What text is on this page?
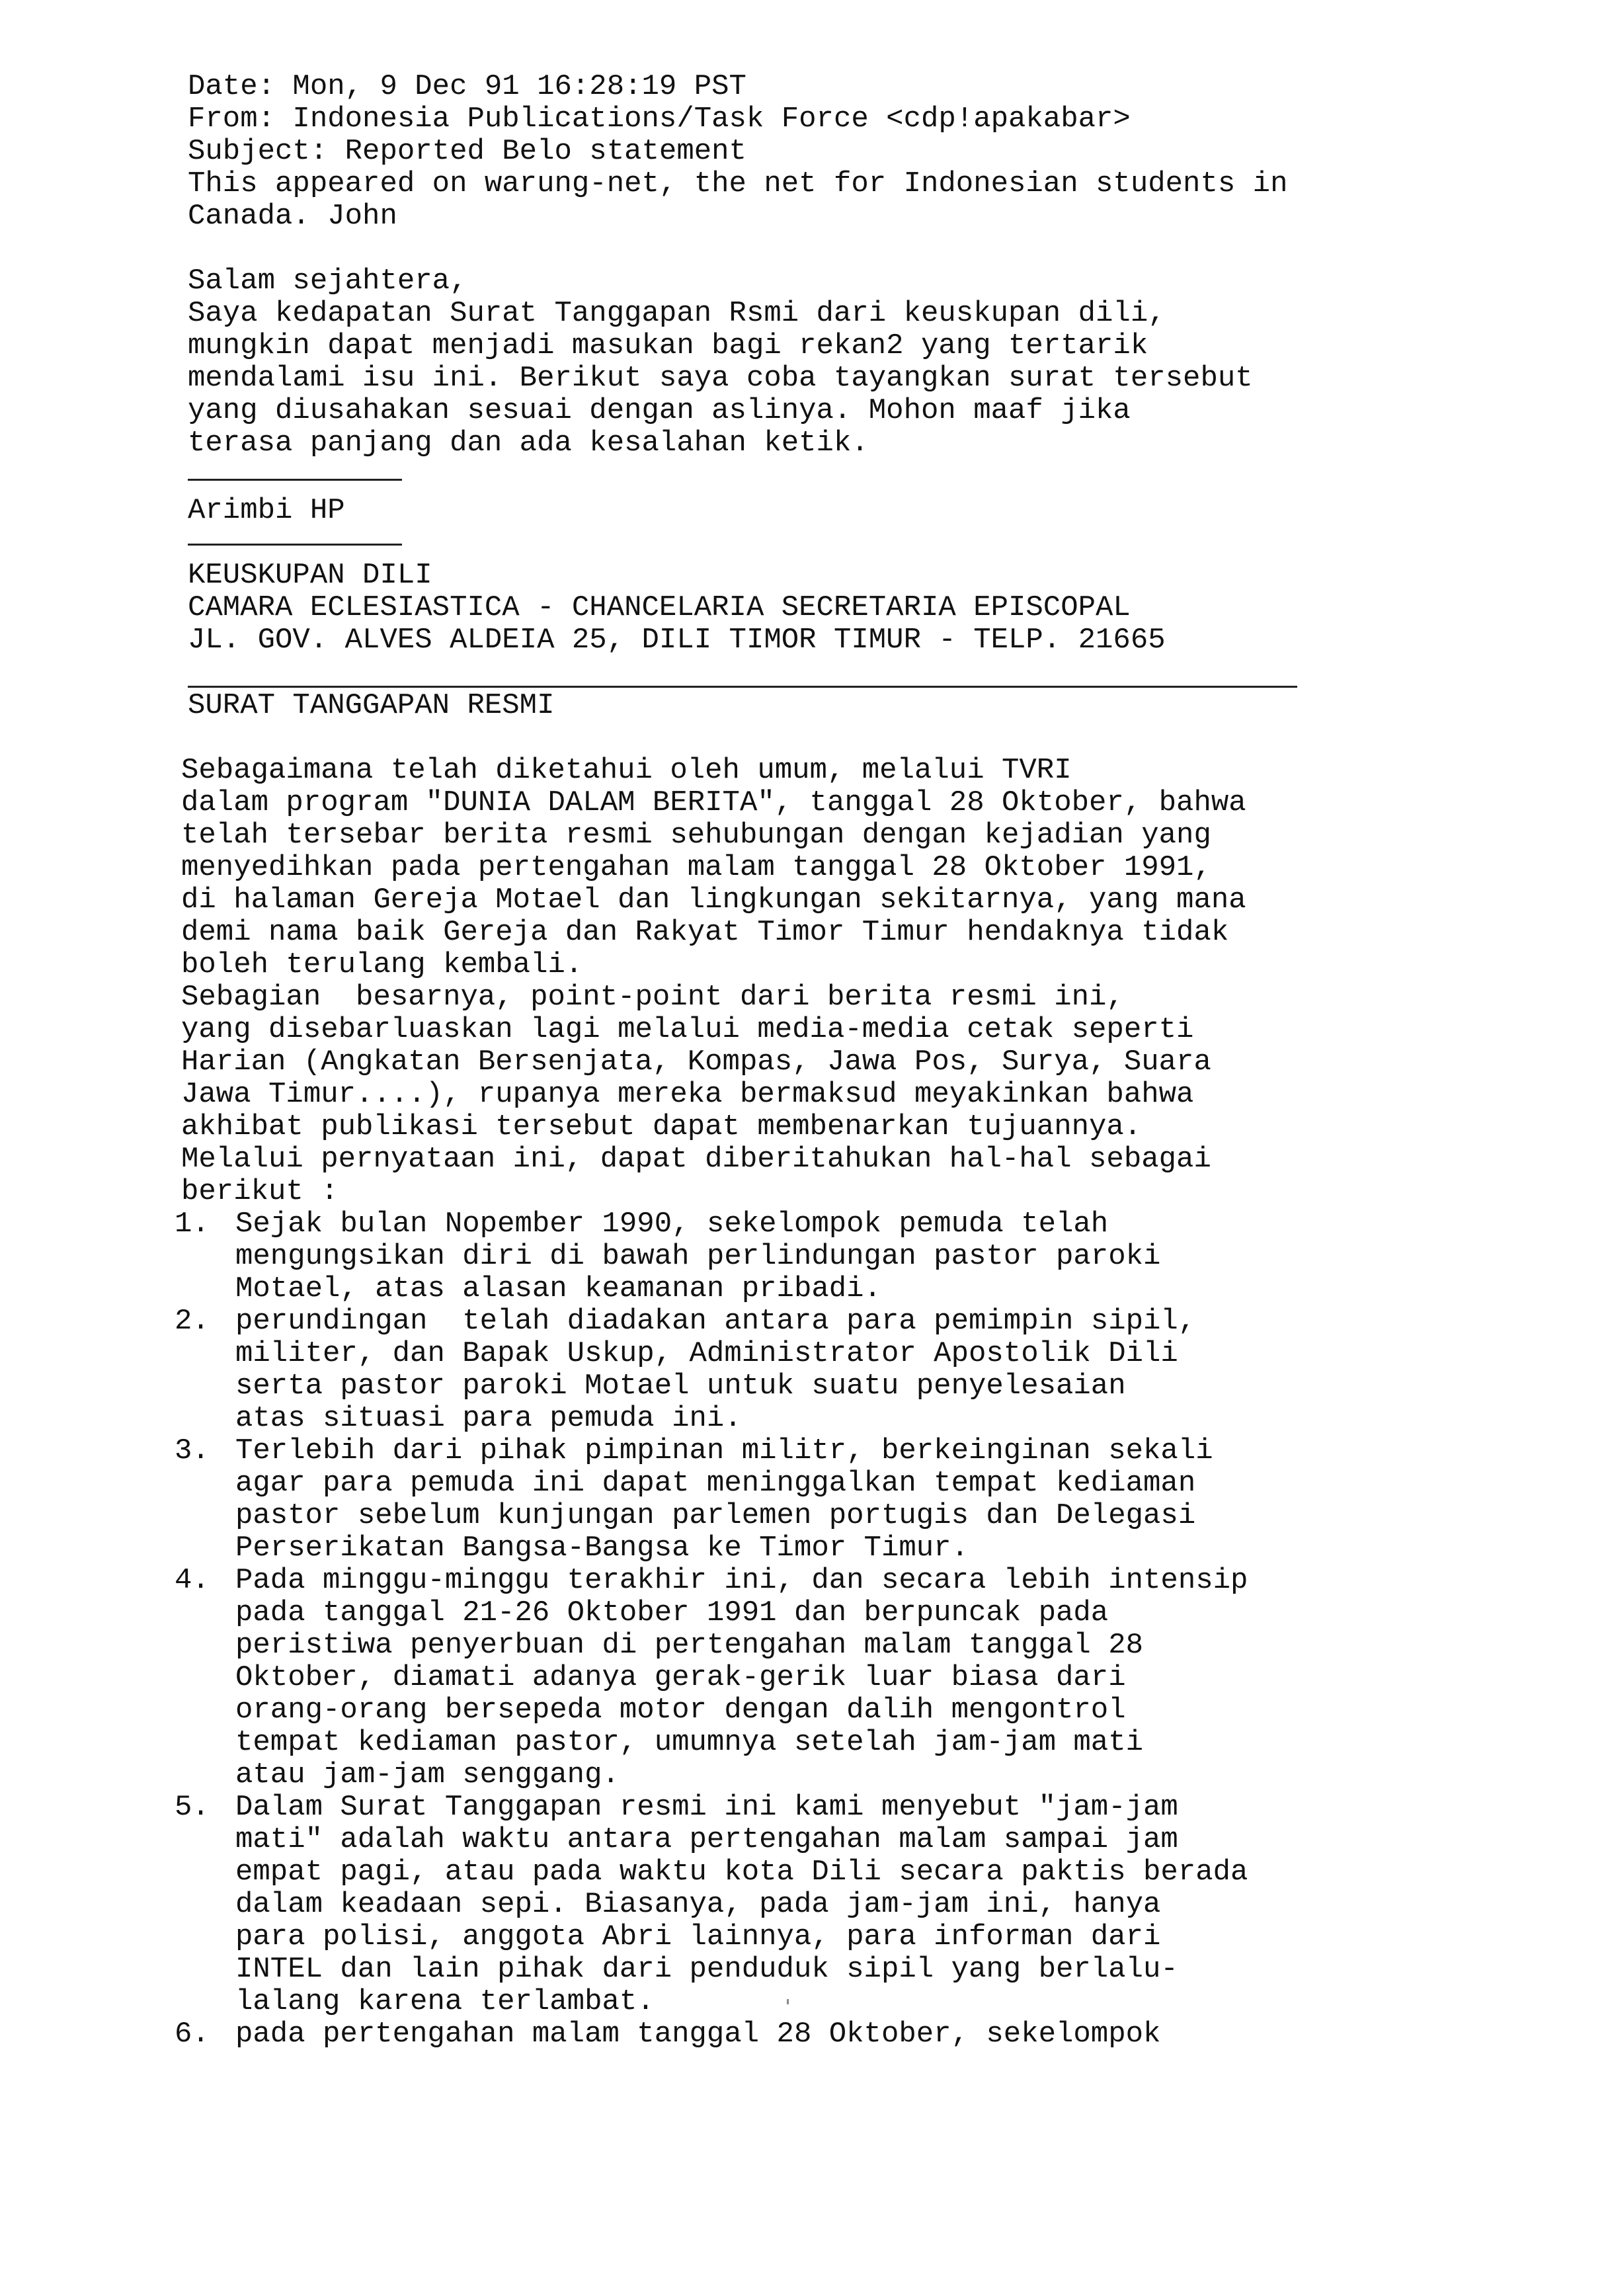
Date: Mon, 9 Dec 91 16:28:19 PST
From: Indonesia Publications/Task Force <cdp!apakabar>
Subject: Reported Belo statement
This appeared on warung-net, the net for Indonesian students in
Canada. John
Salam sejahtera,
Saya kedapatan Surat Tanggapan Rsmi dari keuskupan dili,
mungkin dapat menjadi masukan bagi rekan2 yang tertarik
mendalami isu ini. Berikut saya coba tayangkan surat tersebut
yang diusahakan sesuai dengan aslinya. Mohon maaf jika
terasa panjang dan ada kesalahan ketik.
Arimbi HP
KEUSKUPAN DILI
CAMARA ECLESIASTICA - CHANCELARIA SECRETARIA EPISCOPAL
JL. GOV. ALVES ALDEIA 25, DILI TIMOR TIMUR - TELP. 21665
SURAT TANGGAPAN RESMI
Sebagaimana telah diketahui oleh umum, melalui TVRI
dalam program "DUNIA DALAM BERITA", tanggal 28 Oktober, bahwa
telah tersebar berita resmi sehubungan dengan kejadian yang
menyedihkan pada pertengahan malam tanggal 28 Oktober 1991,
di halaman Gereja Motael dan lingkungan sekitarnya, yang mana
demi nama baik Gereja dan Rakyat Timor Timur hendaknya tidak
boleh terulang kembali.
Sebagian  besarnya, point-point dari berita resmi ini,
yang disebarluaskan lagi melalui media-media cetak seperti
Harian (Angkatan Bersenjata, Kompas, Jawa Pos, Surya, Suara
Jawa Timur....), rupanya mereka bermaksud meyakinkan bahwa
akhibat publikasi tersebut dapat membenarkan tujuannya.
Melalui pernyataan ini, dapat diberitahukan hal-hal sebagai
berikut :
1. Sejak bulan Nopember 1990, sekelompok pemuda telah
mengungsikan diri di bawah perlindungan pastor paroki
Motael, atas alasan keamanan pribadi.
2. perundingan  telah diadakan antara para pemimpin sipil,
militer, dan Bapak Uskup, Administrator Apostolik Dili
serta pastor paroki Motael untuk suatu penyelesaian
atas situasi para pemuda ini.
3. Terlebih dari pihak pimpinan militr, berkeinginan sekali
agar para pemuda ini dapat meninggalkan tempat kediaman
pastor sebelum kunjungan parlemen portugis dan Delegasi
Perserikatan Bangsa-Bangsa ke Timor Timur.
4. Pada minggu-minggu terakhir ini, dan secara lebih intensip
pada tanggal 21-26 Oktober 1991 dan berpuncak pada
peristiwa penyerbuan di pertengahan malam tanggal 28
Oktober, diamati adanya gerak-gerik luar biasa dari
orang-orang bersepeda motor dengan dalih mengontrol
tempat kediaman pastor, umumnya setelah jam-jam mati
atau jam-jam senggang.
5. Dalam Surat Tanggapan resmi ini kami menyebut "jam-jam
mati" adalah waktu antara pertengahan malam sampai jam
empat pagi, atau pada waktu kota Dili secara paktis berada
dalam keadaan sepi. Biasanya, pada jam-jam ini, hanya
para polisi, anggota Abri lainnya, para informan dari
INTEL dan lain pihak dari penduduk sipil yang berlalu-
lalang karena terlambat.
6. pada pertengahan malam tanggal 28 Oktober, sekelompok
